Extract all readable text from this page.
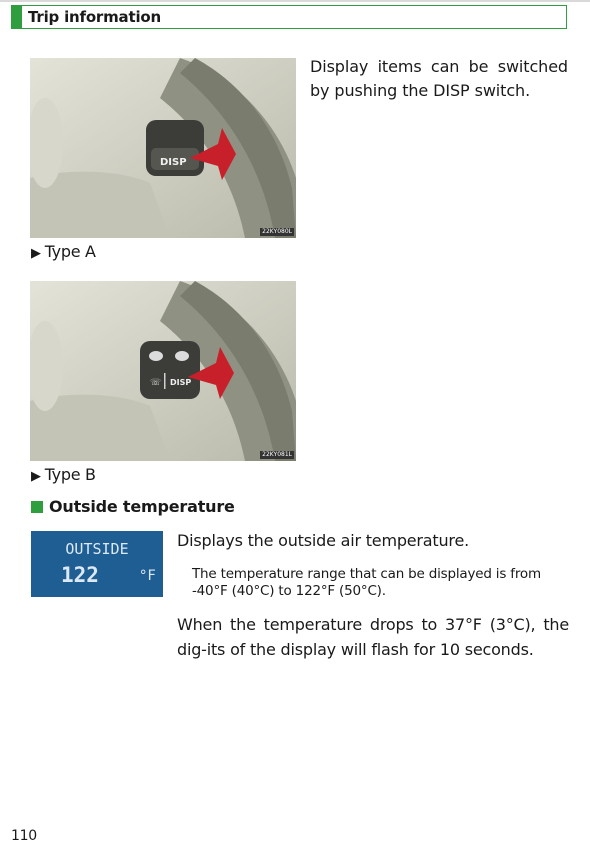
Trip information
DISP
22KY080L
▶ Type A
☏ DISP
22KY081L
▶ Type B
Display items can be switched by pushing the DISP switch.
Outside temperature
OUTSIDE
122	°F
Displays the outside air temperature.
The temperature range that can be displayed is from -40°F (40°C) to 122°F (50°C).
When the temperature drops to 37°F (3°C), the dig-its of the display will flash for 10 seconds.
110
